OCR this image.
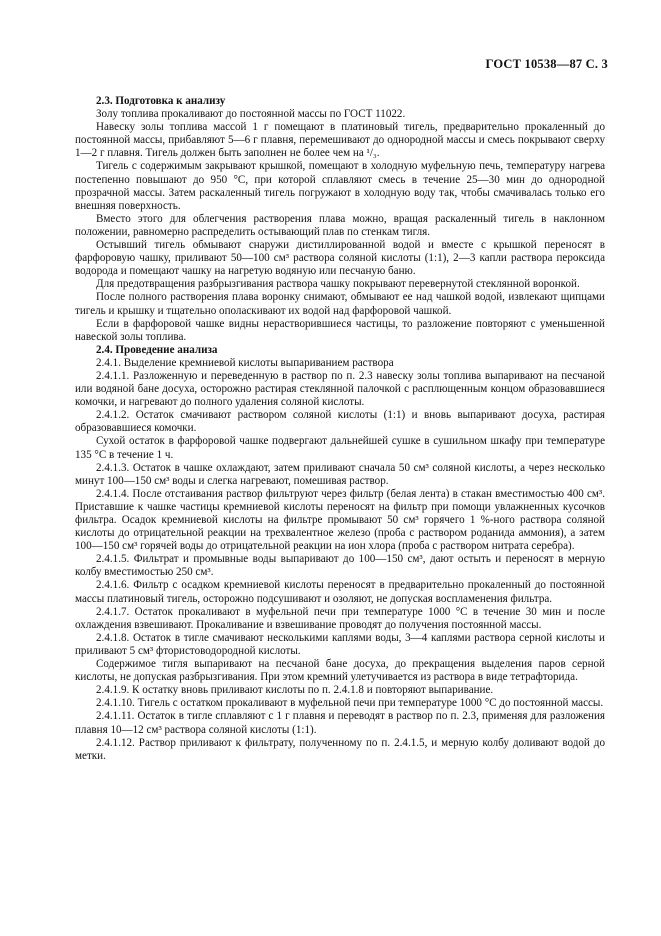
ГОСТ 10538—87 С. 3

2.3. Подготовка к анализу

Золу топлива прокаливают до постоянной массы по ГОСТ 11022.

Навеску золы топлива массой 1 г помещают в платиновый тигель, предварительно прокаленный до постоянной массы, прибавляют 5—6 г плавня, перемешивают до однородной массы и смесь покрывают сверху 1—2 г плавня. Тигель должен быть заполнен не более чем на ¹/₃.

Тигель с содержимым закрывают крышкой, помещают в холодную муфельную печь, температуру нагрева постепенно повышают до 950 °С, при которой сплавляют смесь в течение 25—30 мин до однородной прозрачной массы. Затем раскаленный тигель погружают в холодную воду так, чтобы смачивалась только его внешняя поверхность.

Вместо этого для облегчения растворения плава можно, вращая раскаленный тигель в наклонном положении, равномерно распределить остывающий плав по стенкам тигля.

Остывший тигель обмывают снаружи дистиллированной водой и вместе с крышкой переносят в фарфоровую чашку, приливают 50—100 см³ раствора соляной кислоты (1:1), 2—3 капли раствора пероксида водорода и помещают чашку на нагретую водяную или песчаную баню.

Для предотвращения разбрызгивания раствора чашку покрывают перевернутой стеклянной воронкой.

После полного растворения плава воронку снимают, обмывают ее над чашкой водой, извлекают щипцами тигель и крышку и тщательно ополаскивают их водой над фарфоровой чашкой.

Если в фарфоровой чашке видны нерастворившиеся частицы, то разложение повторяют с уменьшенной навеской золы топлива.

2.4. Проведение анализа

2.4.1. Выделение кремниевой кислоты выпариванием раствора

2.4.1.1. Разложенную и переведенную в раствор по п. 2.3 навеску золы топлива выпаривают на песчаной или водяной бане досуха, осторожно растирая стеклянной палочкой с расплющенным концом образовавшиеся комочки, и нагревают до полного удаления соляной кислоты.

2.4.1.2. Остаток смачивают раствором соляной кислоты (1:1) и вновь выпаривают досуха, растирая образовавшиеся комочки.

Сухой остаток в фарфоровой чашке подвергают дальнейшей сушке в сушильном шкафу при температуре 135 °С в течение 1 ч.

2.4.1.3. Остаток в чашке охлаждают, затем приливают сначала 50 см³ соляной кислоты, а через несколько минут 100—150 см³ воды и слегка нагревают, помешивая раствор.

2.4.1.4. После отстаивания раствор фильтруют через фильтр (белая лента) в стакан вместимостью 400 см³. Приставшие к чашке частицы кремниевой кислоты переносят на фильтр при помощи увлажненных кусочков фильтра. Осадок кремниевой кислоты на фильтре промывают 50 см³ горячего 1 %-ного раствора соляной кислоты до отрицательной реакции на трехвалентное железо (проба с раствором роданида аммония), а затем 100—150 см³ горячей воды до отрицательной реакции на ион хлора (проба с раствором нитрата серебра).

2.4.1.5. Фильтрат и промывные воды выпаривают до 100—150 см³, дают остыть и переносят в мерную колбу вместимостью 250 см³.

2.4.1.6. Фильтр с осадком кремниевой кислоты переносят в предварительно прокаленный до постоянной массы платиновый тигель, осторожно подсушивают и озоляют, не допуская воспламенения фильтра.

2.4.1.7. Остаток прокаливают в муфельной печи при температуре 1000 °С в течение 30 мин и после охлаждения взвешивают. Прокаливание и взвешивание проводят до получения постоянной массы.

2.4.1.8. Остаток в тигле смачивают несколькими каплями воды, 3—4 каплями раствора серной кислоты и приливают 5 см³ фтористоводородной кислоты.

Содержимое тигля выпаривают на песчаной бане досуха, до прекращения выделения паров серной кислоты, не допуская разбрызгивания. При этом кремний улетучивается из раствора в виде тетрафторида.

2.4.1.9. К остатку вновь приливают кислоты по п. 2.4.1.8 и повторяют выпаривание.

2.4.1.10. Тигель с остатком прокаливают в муфельной печи при температуре 1000 °С до постоянной массы.

2.4.1.11. Остаток в тигле сплавляют с 1 г плавня и переводят в раствор по п. 2.3, применяя для разложения плавня 10—12 см³ раствора соляной кислоты (1:1).

2.4.1.12. Раствор приливают к фильтрату, полученному по п. 2.4.1.5, и мерную колбу доливают водой до метки.
